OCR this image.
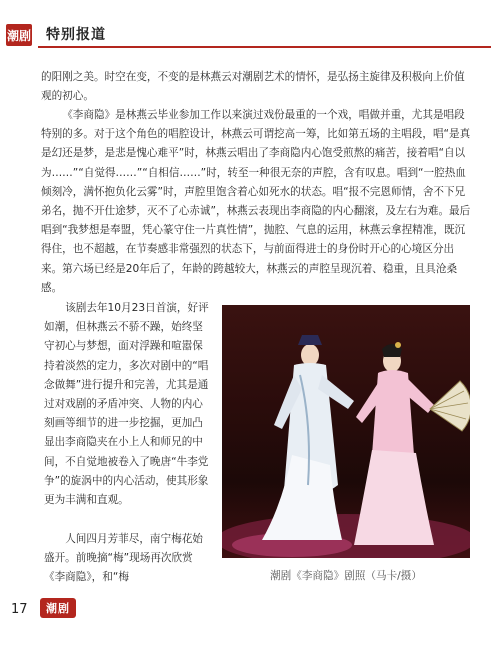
潮剧 特别报道

的阳刚之美。时空在变，不变的是林燕云对潮剧艺术的情怀，是弘扬主旋律及积极向上价值观的初心。

《李商隐》是林燕云毕业参加工作以来演过戏份最重的一个戏，唱做并重，尤其是唱段特别的多。对于这个角色的唱腔设计，林燕云可谓挖高一筹，比如第五场的主唱段，唱“是真是幻还是梦，是悲是愧心难平”时，林燕云唱出了李商隐内心饱受煎熬的痛苦，接着唱“自以为……”“自觉得……”“自相信……”时，转至一种很无奈的声腔，含有叹息。唱到“一腔热血倾刻冷，满怀抱负化云雾”时，声腔里饱含着心如死水的状态。唱“报不完恩师情，舍不下兄弟名，抛不开仕途梦，灭不了心赤诚”，林燕云表现出李商隐的内心翻滚，及左右为难。最后唱到“我梦想是奉盟，凭心篆守住一片真性情”，抛腔、气息的运用，林燕云拿捏精准，既沉得住，也不超越，在节奏感非常强烈的状态下，与前面得进士的身份时开心的心境区分出来。第六场已经是20年后了，年龄的跨越较大，林燕云的声腔呈现沉着、稳重，且具沧桑感。

该剧去年10月23日首演，好评如潮，但林燕云不骄不躁，始终坚守初心与梦想，面对浮躁和喧嚣保持着淡然的定力，多次对剧中的“唱念做舞”进行提升和完善，尤其是通过对戏剧的矛盾冲突、人物的内心刻画等细节的进一步挖掘，更加凸显出李商隐夹在小上人和师兄的中间，不自觉地被卷入了晚唐“牛李党争”的旋涡中的内心活动，使其形象更为丰满和直观。

人间四月芳菲尽，南宁梅花始盛开。前晚摘“梅”现场再次欣赏《李商隐》，和“梅	潮剧《李商隐》剧照（马卡/摄）
17	潮剧
